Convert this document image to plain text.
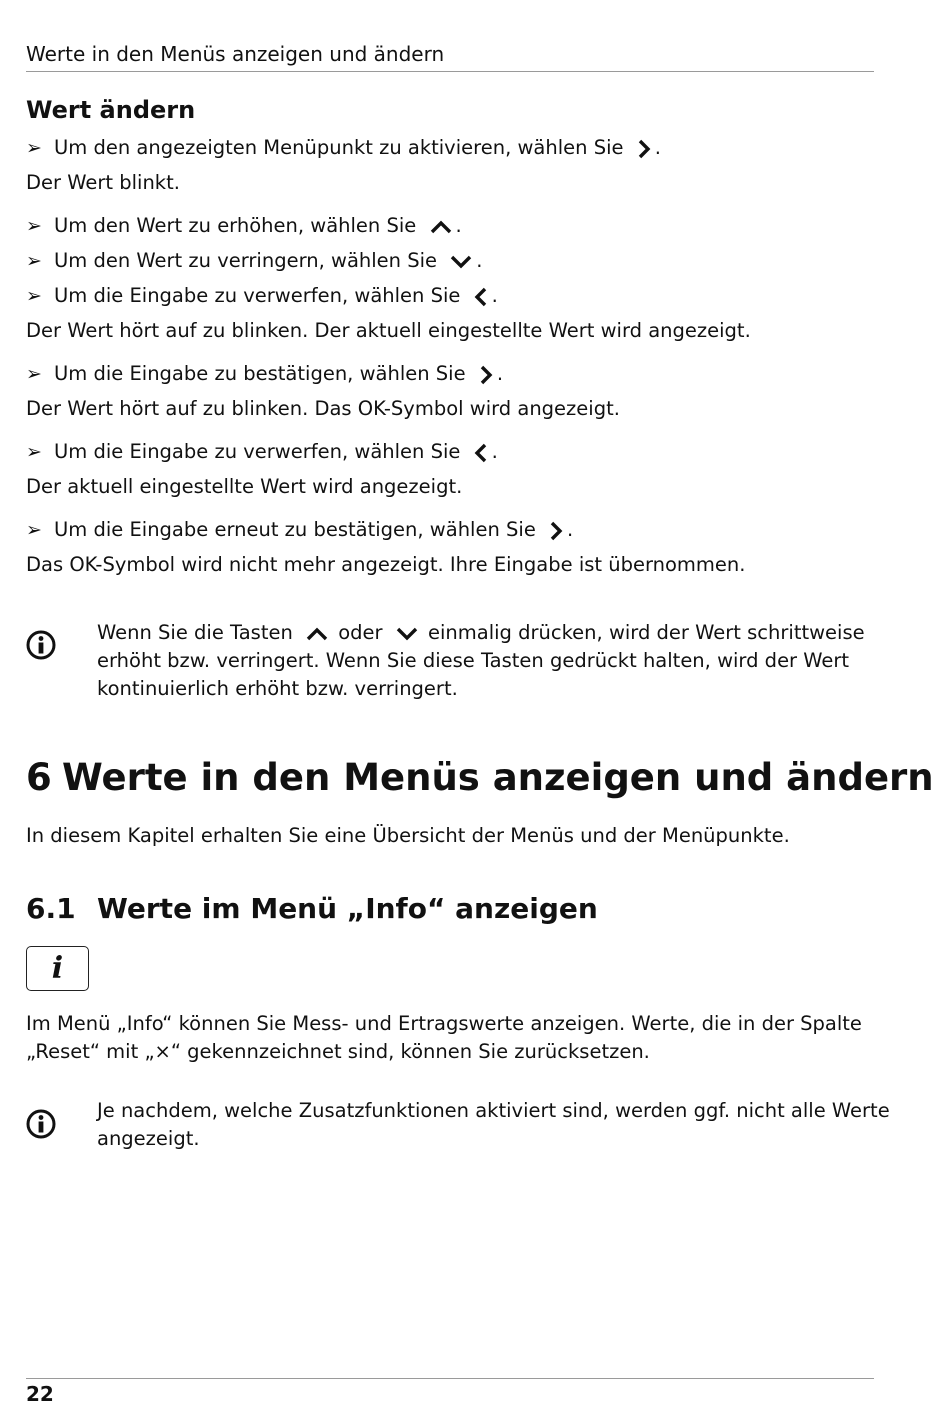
Werte in den Menüs anzeigen und ändern
Wert ändern
➢ Um den angezeigten Menüpunkt zu aktivieren, wählen Sie .
Der Wert blinkt.
➢ Um den Wert zu erhöhen, wählen Sie .
➢ Um den Wert zu verringern, wählen Sie .
➢ Um die Eingabe zu verwerfen, wählen Sie .
Der Wert hört auf zu blinken. Der aktuell eingestellte Wert wird angezeigt.
➢ Um die Eingabe zu bestätigen, wählen Sie .
Der Wert hört auf zu blinken. Das OK-Symbol wird angezeigt.
➢ Um die Eingabe zu verwerfen, wählen Sie .
Der aktuell eingestellte Wert wird angezeigt.
➢ Um die Eingabe erneut zu bestätigen, wählen Sie .
Das OK-Symbol wird nicht mehr angezeigt. Ihre Eingabe ist übernommen.
Wenn Sie die Tasten oder einmalig drücken, wird der Wert schrittweise
erhöht bzw. verringert. Wenn Sie diese Tasten gedrückt halten, wird der Wert
kontinuierlich erhöht bzw. verringert.
6 Werte in den Menüs anzeigen und ändern
In diesem Kapitel erhalten Sie eine Übersicht der Menüs und der Menüpunkte.
6.1 Werte im Menü „Info“ anzeigen
i
Im Menü „Info“ können Sie Mess- und Ertragswerte anzeigen. Werte, die in der Spalte
„Reset“ mit „×“ gekennzeichnet sind, können Sie zurücksetzen.
Je nachdem, welche Zusatzfunktionen aktiviert sind, werden ggf. nicht alle Werte
angezeigt.
22
